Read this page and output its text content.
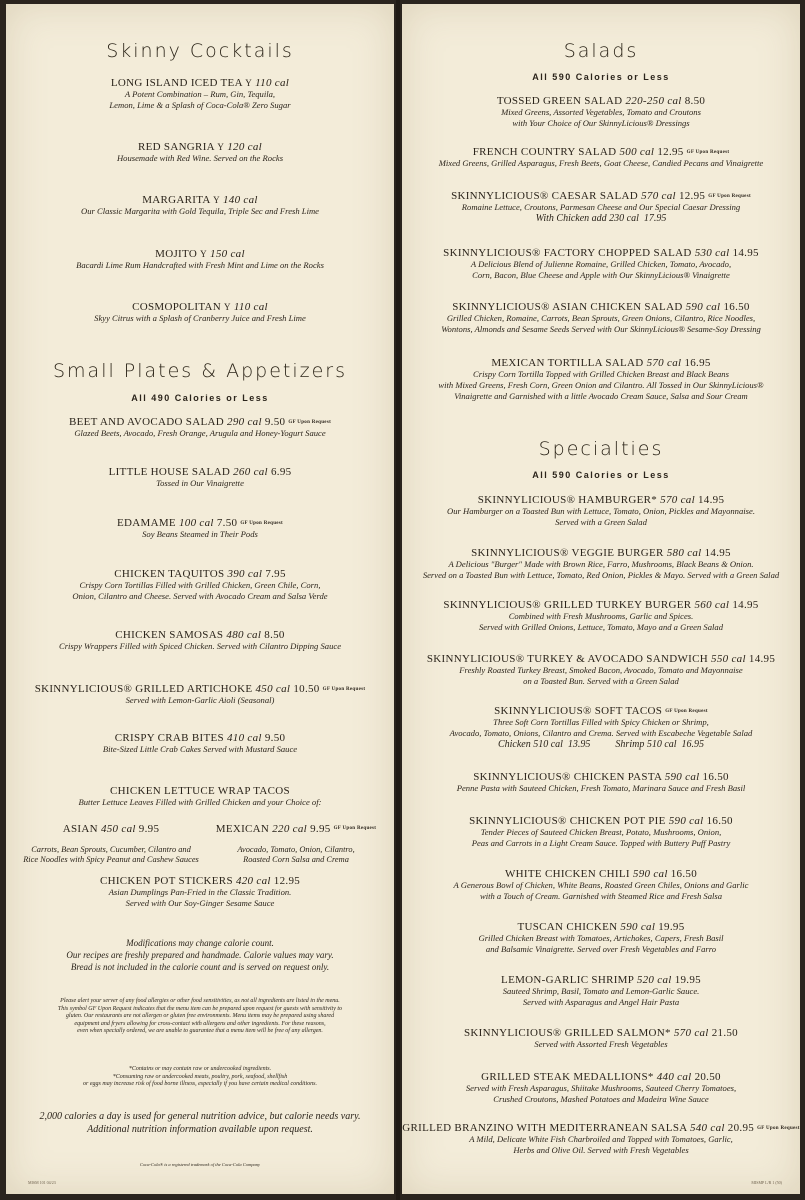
Skinny Cocktails
Small Plates & Appetizers
All 490 Calories or Less
CHICKEN LETTUCE WRAP TACOS
Butter Lettuce Leaves Filled with Grilled Chicken and your Choice of:

ASIAN 450 cal 9.95

Carrots, Bean Sprouts, Cucumber, Cilantro and
Rice Noodles with Spicy Peanut and Cashew Sauces

MEXICAN 220 cal 9.95 GF Upon Request

Avocado, Tomato, Onion, Cilantro,
Roasted Corn Salsa and Crema

CHICKEN POT STICKERS 420 cal 12.95
Asian Dumplings Pan-Fried in the Classic Tradition.
Served with Our Soy-Ginger Sesame Sauce
Modifications may change calorie count.
Our recipes are freshly prepared and handmade. Calorie values may vary.
Bread is not included in the calorie count and is served on request only.
Please alert your server of any food allergies or other food sensitivities, as not all ingredients are listed in the menu.
This symbol GF Upon Request indicates that the menu item can be prepared upon request for guests with sensitivity to
gluten. Our restaurants are not allergen or gluten free environments. Menu items may be prepared using shared
equipment and fryers allowing for cross-contact with allergens and other ingredients. For these reasons,
even when specially ordered, we are unable to guarantee that a menu item will be free of any allergen.
*Contains or may contain raw or undercooked ingredients.
*Consuming raw or undercooked meats, poultry, pork, seafood, shellfish
or eggs may increase risk of food borne illness, especially if you have certain medical conditions.
2,000 calories a day is used for general nutrition advice, but calorie needs vary.
Additional nutrition information available upon request.
Coca-Cola® is a registered trademark of the Coca-Cola Company
MISM 101 04/23
LONG ISLAND ICED TEA Y 110 cal
A Potent Combination – Rum, Gin, Tequila,
Lemon, Lime & a Splash of Coca-Cola® Zero Sugar
RED SANGRIA Y 120 cal
Housemade with Red Wine. Served on the Rocks
MARGARITA Y 140 cal
Our Classic Margarita with Gold Tequila, Triple Sec and Fresh Lime
MOJITO Y 150 cal
Bacardi Lime Rum Handcrafted with Fresh Mint and Lime on the Rocks
COSMOPOLITAN Y 110 cal
Skyy Citrus with a Splash of Cranberry Juice and Fresh Lime
BEET AND AVOCADO SALAD 290 cal 9.50 GF Upon Request
Glazed Beets, Avocado, Fresh Orange, Arugula and Honey-Yogurt Sauce
LITTLE HOUSE SALAD 260 cal 6.95
Tossed in Our Vinaigrette
EDAMAME 100 cal 7.50 GF Upon Request
Soy Beans Steamed in Their Pods
CHICKEN TAQUITOS 390 cal 7.95
Crispy Corn Tortillas Filled with Grilled Chicken, Green Chile, Corn,
Onion, Cilantro and Cheese. Served with Avocado Cream and Salsa Verde
CHICKEN SAMOSAS 480 cal 8.50
Crispy Wrappers Filled with Spiced Chicken. Served with Cilantro Dipping Sauce
SKINNYLICIOUS® GRILLED ARTICHOKE 450 cal 10.50 GF Upon Request
Served with Lemon-Garlic Aioli (Seasonal)
CRISPY CRAB BITES 410 cal 9.50
Bite-Sized Little Crab Cakes Served with Mustard Sauce
Salads
All 590 Calories or Less
Specialties
All 590 Calories or Less
MISMP L/R 1 (50)
TOSSED GREEN SALAD 220-250 cal 8.50
Mixed Greens, Assorted Vegetables, Tomato and Croutons
with Your Choice of Our SkinnyLicious® Dressings
FRENCH COUNTRY SALAD 500 cal 12.95 GF Upon Request
Mixed Greens, Grilled Asparagus, Fresh Beets, Goat Cheese, Candied Pecans and Vinaigrette
SKINNYLICIOUS® CAESAR SALAD 570 cal 12.95 GF Upon Request
Romaine Lettuce, Croutons, Parmesan Cheese and Our Special Caesar Dressing
With Chicken add 230 cal  17.95
SKINNYLICIOUS® FACTORY CHOPPED SALAD 530 cal 14.95
A Delicious Blend of Julienne Romaine, Grilled Chicken, Tomato, Avocado,
Corn, Bacon, Blue Cheese and Apple with Our SkinnyLicious® Vinaigrette
SKINNYLICIOUS® ASIAN CHICKEN SALAD 590 cal 16.50
Grilled Chicken, Romaine, Carrots, Bean Sprouts, Green Onions, Cilantro, Rice Noodles,
Wontons, Almonds and Sesame Seeds Served with Our SkinnyLicious® Sesame-Soy Dressing
MEXICAN TORTILLA SALAD 570 cal 16.95
Crispy Corn Tortilla Topped with Grilled Chicken Breast and Black Beans
with Mixed Greens, Fresh Corn, Green Onion and Cilantro. All Tossed in Our SkinnyLicious®
Vinaigrette and Garnished with a little Avocado Cream Sauce, Salsa and Sour Cream
SKINNYLICIOUS® HAMBURGER* 570 cal 14.95
Our Hamburger on a Toasted Bun with Lettuce, Tomato, Onion, Pickles and Mayonnaise.
Served with a Green Salad
SKINNYLICIOUS® VEGGIE BURGER 580 cal 14.95
A Delicious "Burger" Made with Brown Rice, Farro, Mushrooms, Black Beans & Onion.
Served on a Toasted Bun with Lettuce, Tomato, Red Onion, Pickles & Mayo. Served with a Green Salad
SKINNYLICIOUS® GRILLED TURKEY BURGER 560 cal 14.95
Combined with Fresh Mushrooms, Garlic and Spices.
Served with Grilled Onions, Lettuce, Tomato, Mayo and a Green Salad
SKINNYLICIOUS® TURKEY & AVOCADO SANDWICH 550 cal 14.95
Freshly Roasted Turkey Breast, Smoked Bacon, Avocado, Tomato and Mayonnaise
on a Toasted Bun. Served with a Green Salad
SKINNYLICIOUS® SOFT TACOS GF Upon Request
Three Soft Corn Tortillas Filled with Spicy Chicken or Shrimp,
Avocado, Tomato, Onions, Cilantro and Crema. Served with Escabeche Vegetable Salad
Chicken 510 cal  13.95          Shrimp 510 cal  16.95
SKINNYLICIOUS® CHICKEN PASTA 590 cal 16.50
Penne Pasta with Sauteed Chicken, Fresh Tomato, Marinara Sauce and Fresh Basil
SKINNYLICIOUS® CHICKEN POT PIE 590 cal 16.50
Tender Pieces of Sauteed Chicken Breast, Potato, Mushrooms, Onion,
Peas and Carrots in a Light Cream Sauce. Topped with Buttery Puff Pastry
WHITE CHICKEN CHILI 590 cal 16.50
A Generous Bowl of Chicken, White Beans, Roasted Green Chiles, Onions and Garlic
with a Touch of Cream. Garnished with Steamed Rice and Fresh Salsa
TUSCAN CHICKEN 590 cal 19.95
Grilled Chicken Breast with Tomatoes, Artichokes, Capers, Fresh Basil
and Balsamic Vinaigrette. Served over Fresh Vegetables and Farro
LEMON-GARLIC SHRIMP 520 cal 19.95
Sauteed Shrimp, Basil, Tomato and Lemon-Garlic Sauce.
Served with Asparagus and Angel Hair Pasta
SKINNYLICIOUS® GRILLED SALMON* 570 cal 21.50
Served with Assorted Fresh Vegetables
GRILLED STEAK MEDALLIONS* 440 cal 20.50
Served with Fresh Asparagus, Shiitake Mushrooms, Sauteed Cherry Tomatoes,
Crushed Croutons, Mashed Potatoes and Madeira Wine Sauce
GRILLED BRANZINO WITH MEDITERRANEAN SALSA 540 cal 20.95 GF Upon Request
A Mild, Delicate White Fish Charbroiled and Topped with Tomatoes, Garlic,
Herbs and Olive Oil. Served with Fresh Vegetables
